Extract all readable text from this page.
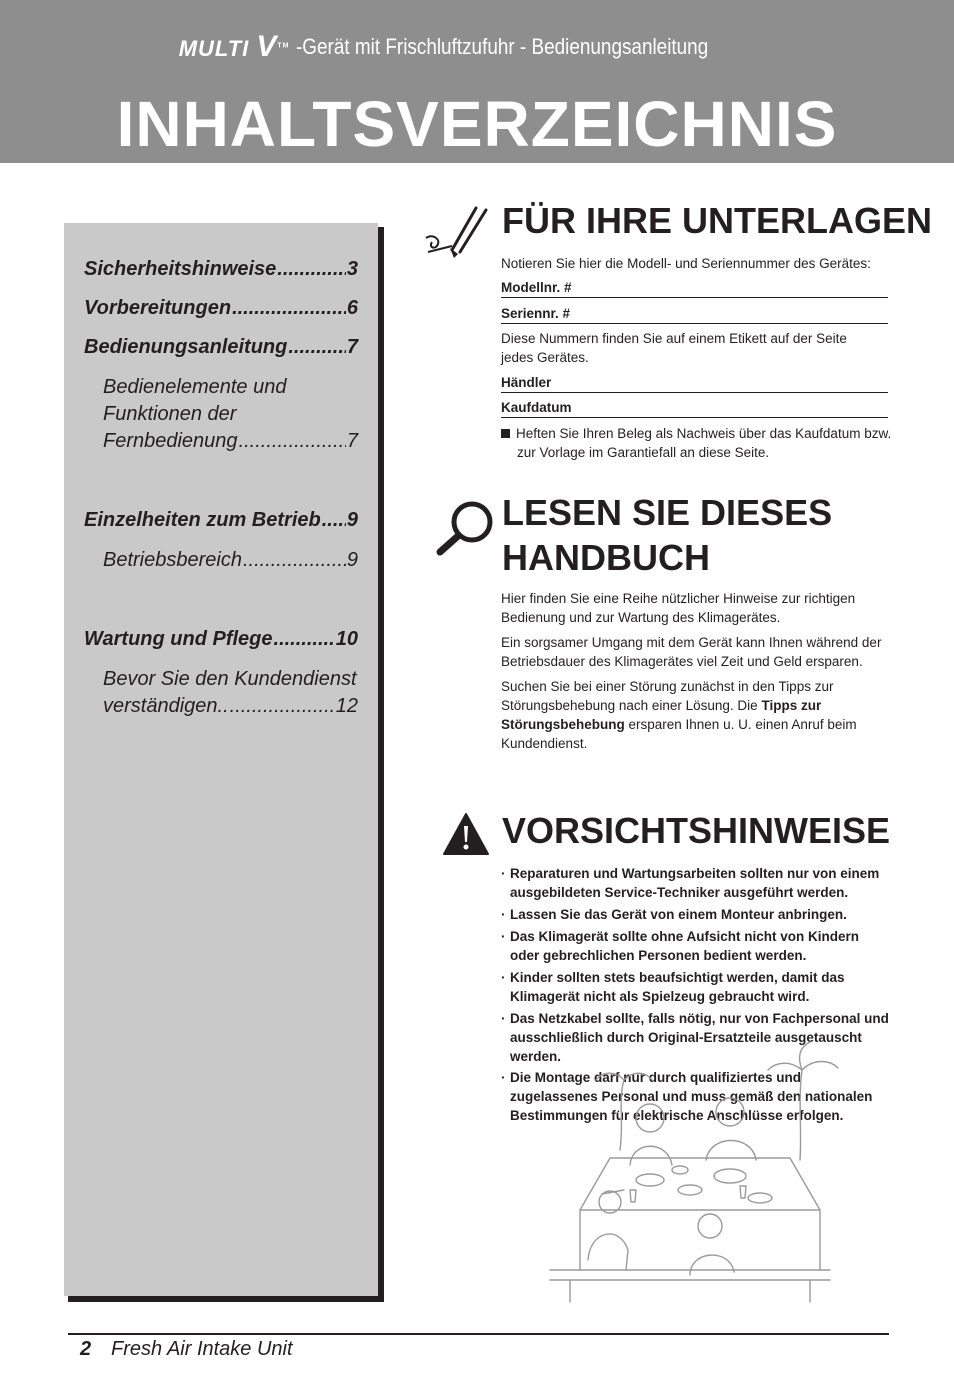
MULTI V™ -Gerät mit Frischluftzufuhr - Bedienungsanleitung
INHALTSVERZEICHNIS
Sicherheitshinweise .....	3
Vorbereitungen .....	6
Bedienungsanleitung .....	7
Bedienelemente und
Funktionen der
Fernbedienung .....	7
Einzelheiten zum Betrieb ..... 9
Betriebsbereich .....	9
Wartung und Pflege .....	10
Bevor Sie den Kundendienst
verständigen.. .....	12
FÜR IHRE UNTERLAGEN
Notieren Sie hier die Modell- und Seriennummer des Gerätes:
Modellnr. #
Seriennr. #
Diese Nummern finden Sie auf einem Etikett auf der Seite jedes Gerätes.
Händler
Kaufdatum
Heften Sie Ihren Beleg als Nachweis über das Kaufdatum bzw. zur Vorlage im Garantiefall an diese Seite.
LESEN SIE DIESES
HANDBUCH
Hier finden Sie eine Reihe nützlicher Hinweise zur richtigen Bedienung und zur Wartung des Klimagerätes.
Ein sorgsamer Umgang mit dem Gerät kann Ihnen während der Betriebsdauer des Klimagerätes viel Zeit und Geld ersparen.
Suchen Sie bei einer Störung zunächst in den Tipps zur Störungsbehebung nach einer Lösung. Die Tipps zur Störungsbehebung ersparen Ihnen u. U. einen Anruf beim Kundendienst.
VORSICHTSHINWEISE
· Reparaturen und Wartungsarbeiten sollten nur von einem ausgebildeten Service-Techniker ausgeführt werden.
· Lassen Sie das Gerät von einem Monteur anbringen.
· Das Klimagerät sollte ohne Aufsicht nicht von Kindern oder gebrechlichen Personen bedient werden.
· Kinder sollten stets beaufsichtigt werden, damit das Klimagerät nicht als Spielzeug gebraucht wird.
· Das Netzkabel sollte, falls nötig, nur von Fachpersonal und ausschließlich durch Original-Ersatzteile ausgetauscht werden.
· Die Montage darf nur durch qualifiziertes und zugelassenes Personal und muss gemäß den nationalen Bestimmungen für elektrische Anschlüsse erfolgen.
2 Fresh Air Intake Unit
